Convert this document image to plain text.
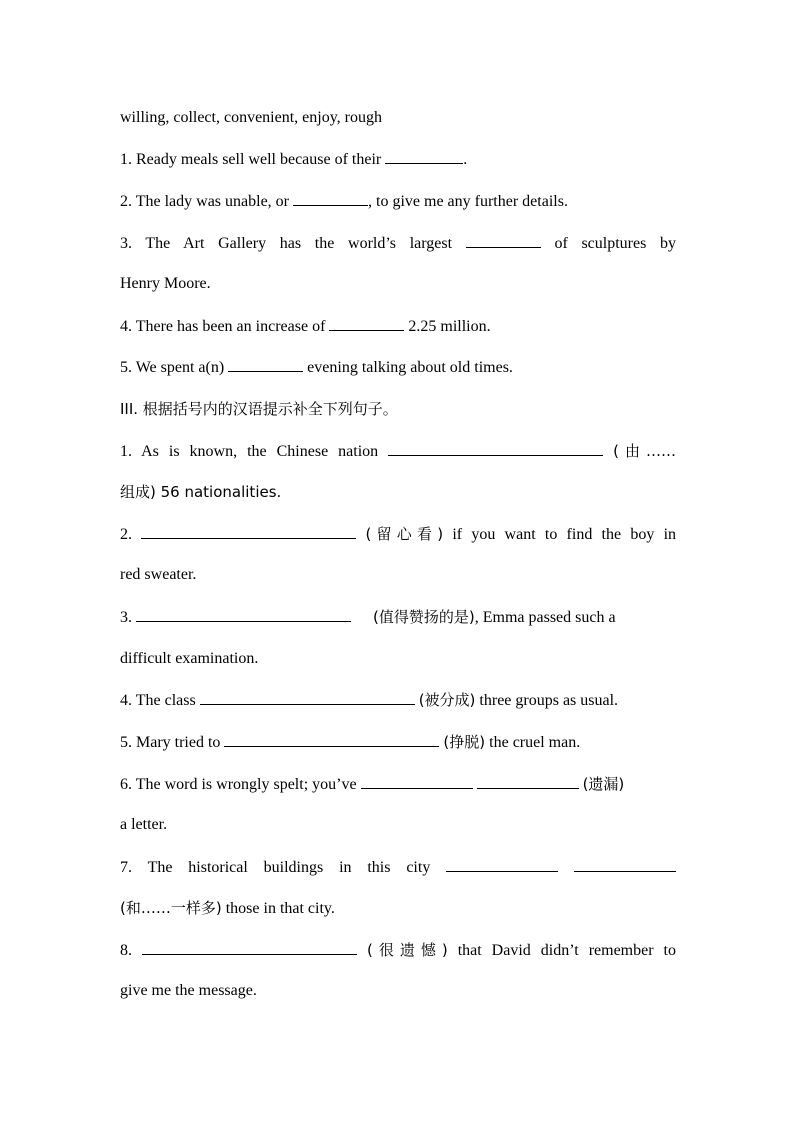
willing, collect, convenient, enjoy, rough
1. Ready meals sell well because of their	.
2. The lady was unable, or	, to give me any further details.
3. The Art Gallery has the world’s largest	of sculptures by
Henry Moore.
4. There has been an increase of	2.25 million.
5. We spent a(n)	evening talking about old times.
III. 根据括号内的汉语提示补全下列句子。
1. As is known, the Chinese nation	(由……
组成) 56 nationalities.
2.	(留心看) if you want to find the boy in
red sweater.
3.	(值得赞扬的是), Emma passed such a
difficult examination.
4. The class	(被分成) three groups as usual.
5. Mary tried to	(挣脱) the cruel man.
6. The word is wrongly spelt; you’ve	(遗漏)
a letter.
7. The historical buildings in this city
(和……一样多) those in that city.
8.	(很遗憾) that David didn’t remember to
give me the message.
